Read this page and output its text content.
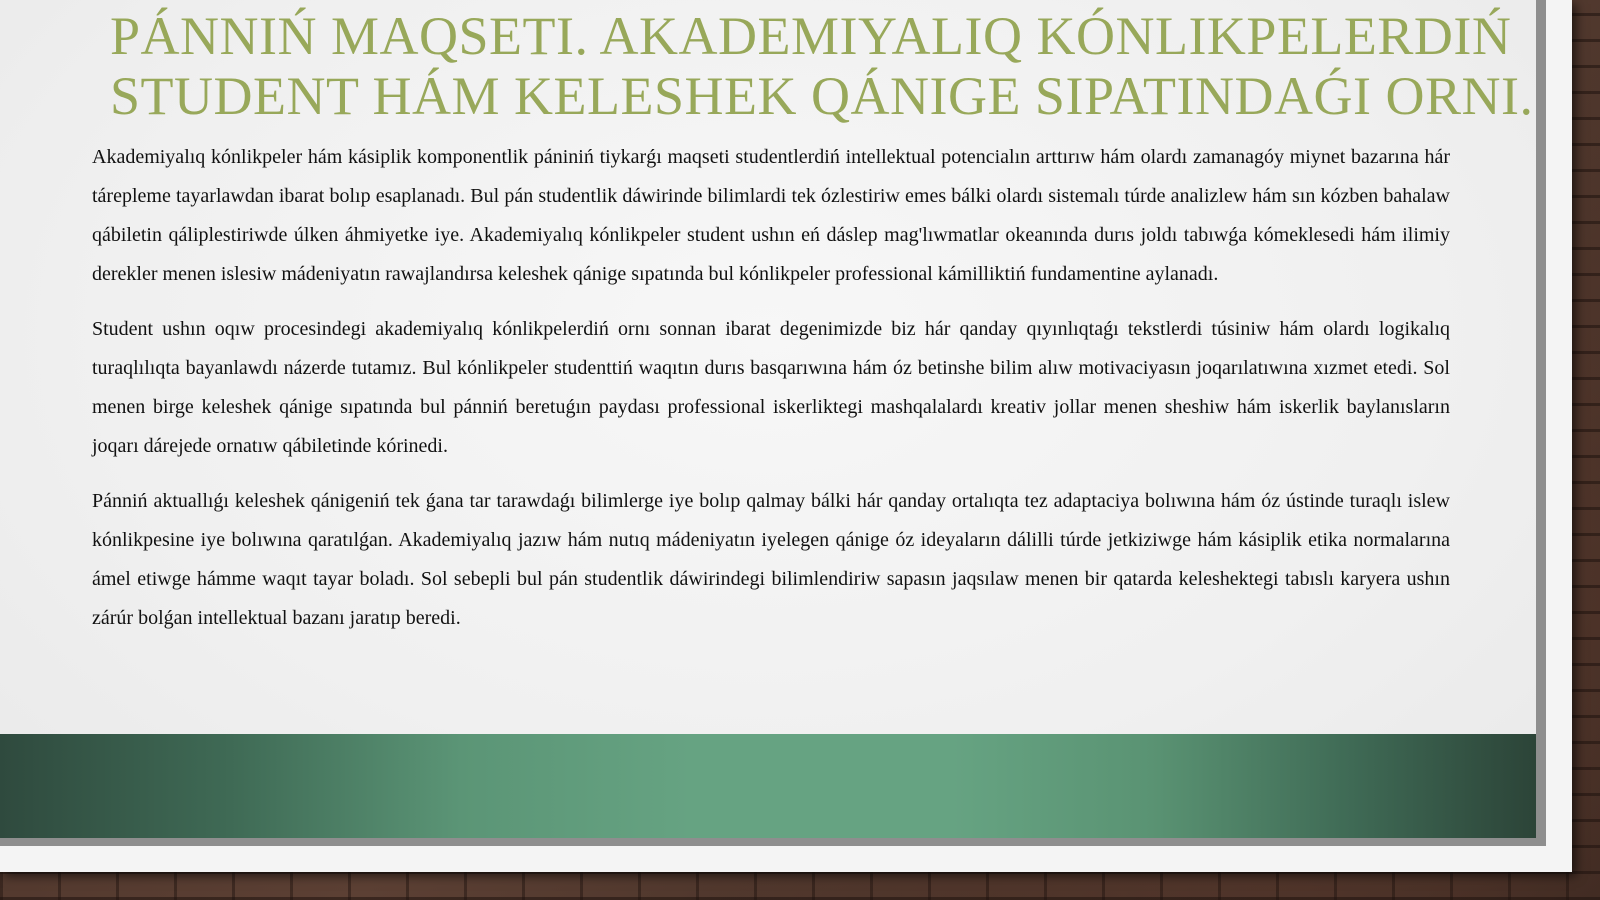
PÁNNIŃ MAQSETI. AKADEMIYALIQ KÓNLIKPELERDIŃ
STUDENT HÁM KELESHEK QÁNIGE SIPATINDAǴI ORNI.

Akademiyalıq kónlikpeler hám kásiplik komponentlik pániniń tiykarǵı maqseti studentlerdiń intellektual potencialın arttırıw hám olardı zamanagóy miynet bazarına hár tárepleme tayarlawdan ibarat bolıp esaplanadı. Bul pán studentlik dáwirinde bilimlardi tek ózlestiriw emes bálki olardı sistemalı túrde analizlew hám sın kózben bahalaw qábiletin qáliplestiriwde úlken áhmiyetke iye. Akademiyalıq kónlikpeler student ushın eń dáslep mag'lıwmatlar okeanında durıs joldı tabıwǵa kómeklesedi hám ilimiy derekler menen islesiw mádeniyatın rawajlandırsa keleshek qánige sıpatında bul kónlikpeler professional kámilliktiń fundamentine aylanadı.

Student ushın oqıw procesindegi akademiyalıq kónlikpelerdiń ornı sonnan ibarat degenimizde biz hár qanday qıyınlıqtaǵı tekstlerdi túsiniw hám olardı logikalıq turaqlılıqta bayanlawdı názerde tutamız. Bul kónlikpeler studenttiń waqıtın durıs basqarıwına hám óz betinshe bilim alıw motivaciyasın joqarılatıwına xızmet etedi. Sol menen birge keleshek qánige sıpatında bul pánniń beretuǵın paydası professional iskerliktegi mashqalalardı kreativ jollar menen sheshiw hám iskerlik baylanısların joqarı dárejede ornatıw qábiletinde kórinedi.

Pánniń aktuallıǵı keleshek qánigeniń tek ǵana tar tarawdaǵı bilimlerge iye bolıp qalmay bálki hár qanday ortalıqta tez adaptaciya bolıwına hám óz ústinde turaqlı islew kónlikpesine iye bolıwına qaratılǵan. Akademiyalıq jazıw hám nutıq mádeniyatın iyelegen qánige óz ideyaların dálilli túrde jetkiziwge hám kásiplik etika normalarına ámel etiwge hámme waqıt tayar boladı. Sol sebepli bul pán studentlik dáwirindegi bilimlendiriw sapasın jaqsılaw menen bir qatarda keleshektegi tabıslı karyera ushın zárúr bolǵan intellektual bazanı jaratıp beredi.
